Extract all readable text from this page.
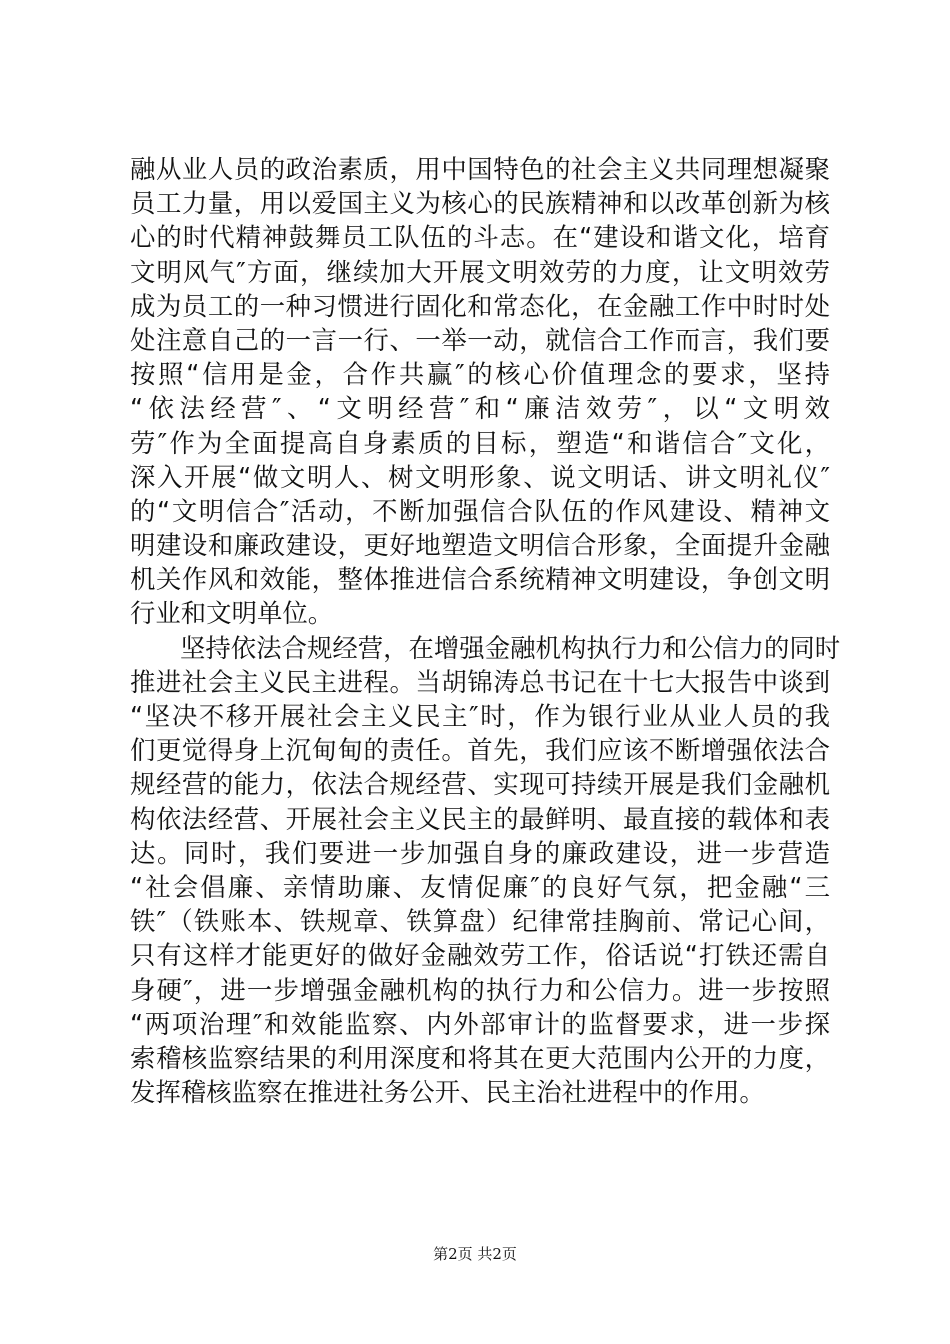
融从业人员的政治素质，用中国特色的社会主义共同理想凝聚
员工力量，用以爱国主义为核心的民族精神和以改革创新为核
心的时代精神鼓舞员工队伍的斗志。在“建设和谐文化，培育
文明风气″方面，继续加大开展文明效劳的力度，让文明效劳
成为员工的一种习惯进行固化和常态化，在金融工作中时时处
处注意自己的一言一行、一举一动，就信合工作而言，我们要
按照“信用是金，合作共赢″的核心价值理念的要求，坚持
“依法经营″、“文明经营″和“廉洁效劳″，以“文明效
劳″作为全面提高自身素质的目标，塑造“和谐信合″文化，
深入开展“做文明人、树文明形象、说文明话、讲文明礼仪″
的“文明信合″活动，不断加强信合队伍的作风建设、精神文
明建设和廉政建设，更好地塑造文明信合形象，全面提升金融
机关作风和效能，整体推进信合系统精神文明建设，争创文明
行业和文明单位。
坚持依法合规经营，在增强金融机构执行力和公信力的同时
推进社会主义民主进程。当胡锦涛总书记在十七大报告中谈到
“坚决不移开展社会主义民主″时，作为银行业从业人员的我
们更觉得身上沉甸甸的责任。首先，我们应该不断增强依法合
规经营的能力，依法合规经营、实现可持续开展是我们金融机
构依法经营、开展社会主义民主的最鲜明、最直接的载体和表
达。同时，我们要进一步加强自身的廉政建设，进一步营造
“社会倡廉、亲情助廉、友情促廉″的良好气氛，把金融“三
铁″（铁账本、铁规章、铁算盘）纪律常挂胸前、常记心间，
只有这样才能更好的做好金融效劳工作，俗话说“打铁还需自
身硬″，进一步增强金融机构的执行力和公信力。进一步按照
“两项治理″和效能监察、内外部审计的监督要求，进一步探
索稽核监察结果的利用深度和将其在更大范围内公开的力度，
发挥稽核监察在推进社务公开、民主治社进程中的作用。
第2页 共2页
